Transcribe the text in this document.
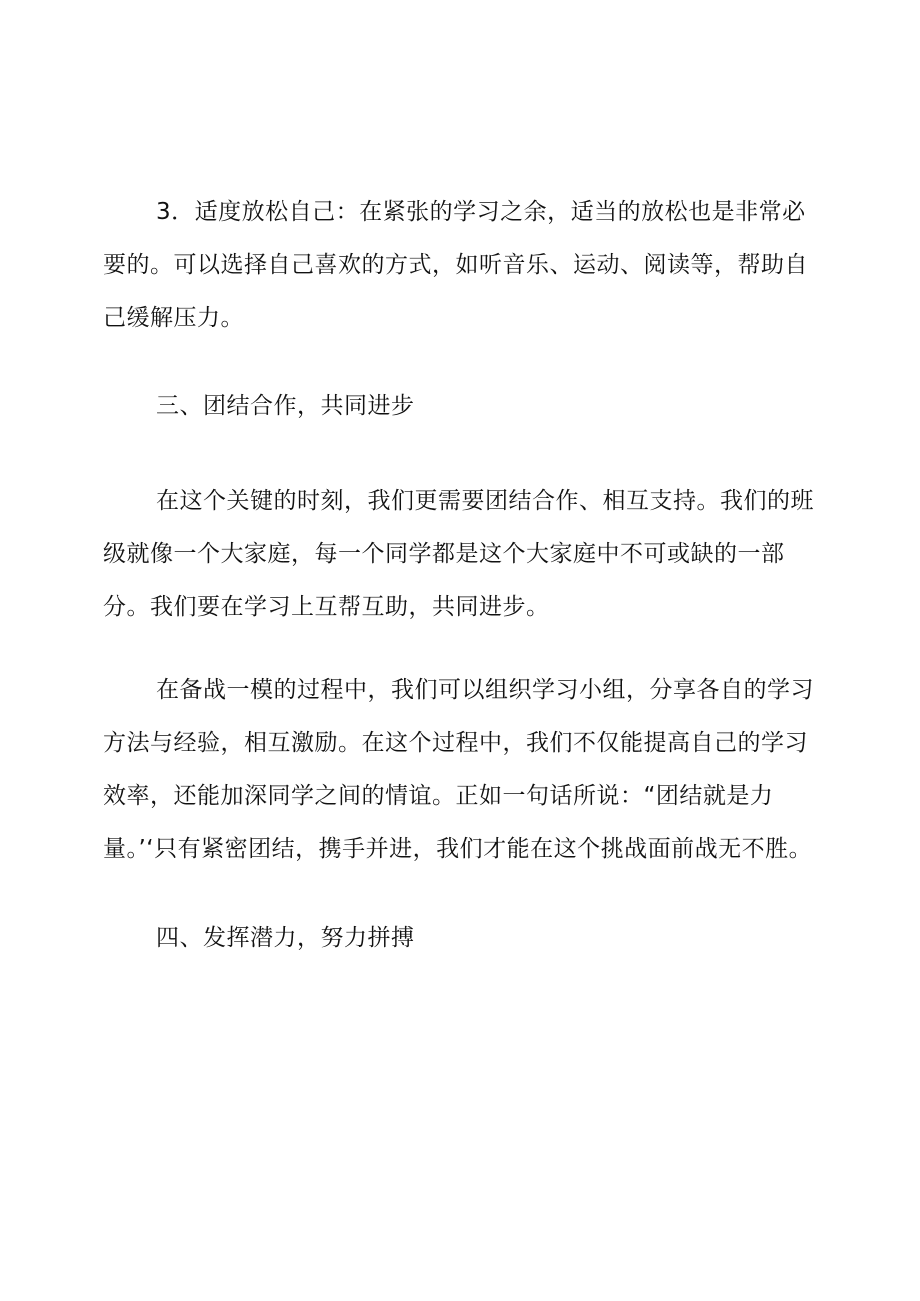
3．适度放松自己：在紧张的学习之余，适当的放松也是非常必要的。可以选择自己喜欢的方式，如听音乐、运动、阅读等，帮助自己缓解压力。

三、团结合作，共同进步

在这个关键的时刻，我们更需要团结合作、相互支持。我们的班级就像一个大家庭，每一个同学都是这个大家庭中不可或缺的一部分。我们要在学习上互帮互助，共同进步。

在备战一模的过程中，我们可以组织学习小组，分享各自的学习方法与经验，相互激励。在这个过程中，我们不仅能提高自己的学习效率，还能加深同学之间的情谊。正如一句话所说：“团结就是力量。’‘只有紧密团结，携手并进，我们才能在这个挑战面前战无不胜。

四、发挥潜力，努力拼搏
